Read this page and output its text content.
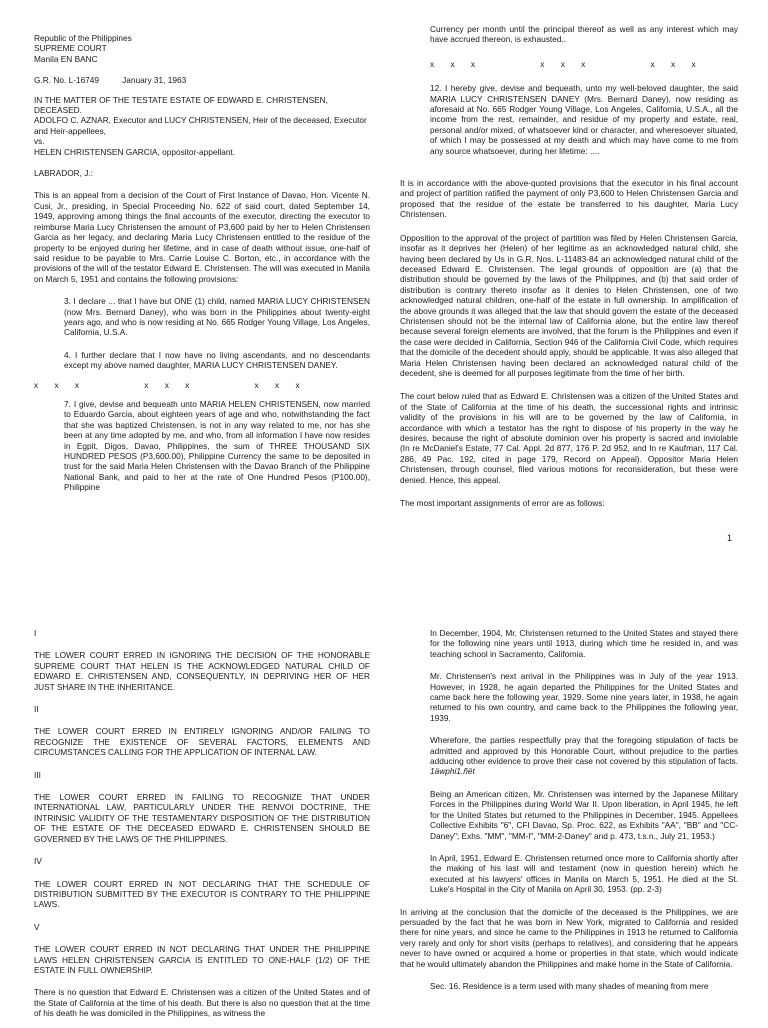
Republic of the Philippines
SUPREME COURT
Manila EN BANC

G.R. No. L-16749          January 31, 1963

IN THE MATTER OF THE TESTATE ESTATE OF EDWARD E. CHRISTENSEN, DECEASED.
ADOLFO C. AZNAR, Executor and LUCY CHRISTENSEN, Heir of the deceased, Executor and Heir-appellees,
vs.
HELEN CHRISTENSEN GARCIA, oppositor-appellant.

LABRADOR, J.:

This is an appeal from a decision of the Court of First Instance of Davao, Hon. Vicente N. Cusi, Jr., presiding, in Special Proceeding No. 622 of said court, dated September 14, 1949, approving among things the final accounts of the executor, directing the executor to reimburse Maria Lucy Christensen the amount of P3,600 paid by her to Helen Christensen Garcia as her legacy, and declaring Maria Lucy Christensen entitled to the residue of the property to be enjoyed during her lifetime, and in case of death without issue, one-half of said residue to be payable to Mrs. Carrie Louise C. Borton, etc., in accordance with the provisions of the will of the testator Edward E. Christensen. The will was executed in Manila on March 5, 1951 and contains the following provisions:

3. I declare ... that I have but ONE (1) child, named MARIA LUCY CHRISTENSEN (now Mrs. Bernard Daney), who was born in the Philippines about twenty-eight years ago, and who is now residing at No. 665 Rodger Young Village, Los Angeles, California, U.S.A.

4. I further declare that I now have no living ascendants, and no descendants except my above named daughter, MARIA LUCY CHRISTENSEN DANEY.

x x x    x x x    x x x

7. I give, devise and bequeath unto MARIA HELEN CHRISTENSEN, now married to Eduardo Garcia, about eighteen years of age and who, notwithstanding the fact that she was baptized Christensen, is not in any way related to me, nor has she been at any time adopted by me, and who, from all information I have now resides in Egpit, Digos, Davao, Philippines, the sum of THREE THOUSAND SIX HUNDRED PESOS (P3,600.00), Philippine Currency the same to be deposited in trust for the said Maria Helen Christensen with the Davao Branch of the Philippine National Bank, and paid to her at the rate of One Hundred Pesos (P100.00), Philippine

Currency per month until the principal thereof as well as any interest which may have accrued thereon, is exhausted..

x x x    x x x    x x x

12. I hereby give, devise and bequeath, unto my well-beloved daughter, the said MARIA LUCY CHRISTENSEN DANEY (Mrs. Bernard Daney), now residing as aforesaid at No. 665 Rodger Young Village, Los Angeles, California, U.S.A., all the income from the rest, remainder, and residue of my property and estate, real, personal and/or mixed, of whatsoever kind or character, and wheresoever situated, of which I may be possessed at my death and which may have come to me from any source whatsoever, during her lifetime: ....

It is in accordance with the above-quoted provisions that the executor in his final account and project of partition ratified the payment of only P3,600 to Helen Christensen Garcia and proposed that the residue of the estate be transferred to his daughter, Maria Lucy Christensen.

Opposition to the approval of the project of partition was filed by Helen Christensen Garcia, insofar as it deprives her (Helen) of her legitime as an acknowledged natural child, she having been declared by Us in G.R. Nos. L-11483-84 an acknowledged natural child of the deceased Edward E. Christensen. The legal grounds of opposition are (a) that the distribution should be governed by the laws of the Philippines, and (b) that said order of distribution is contrary thereto insofar as it denies to Helen Christensen, one of two acknowledged natural children, one-half of the estate in full ownership. In amplification of the above grounds it was alleged that the law that should govern the estate of the deceased Christensen should not be the internal law of California alone, but the entire law thereof because several foreign elements are involved, that the forum is the Philippines and even if the case were decided in California, Section 946 of the California Civil Code, which requires that the domicile of the decedent should apply, should be applicable. It was also alleged that Maria Helen Christensen having been declared an acknowledged natural child of the decedent, she is deemed for all purposes legitimate from the time of her birth.

The court below ruled that as Edward E. Christensen was a citizen of the United States and of the State of California at the time of his death, the successional rights and intrinsic validity of the provisions in his will are to be governed by the law of California, in accordance with which a testator has the right to dispose of his property in the way he desires, because the right of absolute dominion over his property is sacred and inviolable (In re McDaniel's Estate, 77 Cal. Appl. 2d 877, 176 P. 2d 952, and In re Kaufman, 117 Cal. 286, 49 Pac. 192, cited in page 179, Record on Appeal). Oppositor Maria Helen Christensen, through counsel, filed various motions for reconsideration, but these were denied. Hence, this appeal.

The most important assignments of error are as follows:

1

I

THE LOWER COURT ERRED IN IGNORING THE DECISION OF THE HONORABLE SUPREME COURT THAT HELEN IS THE ACKNOWLEDGED NATURAL CHILD OF EDWARD E. CHRISTENSEN AND, CONSEQUENTLY, IN DEPRIVING HER OF HER JUST SHARE IN THE INHERITANCE.

II

THE LOWER COURT ERRED IN ENTIRELY IGNORING AND/OR FAILING TO RECOGNIZE THE EXISTENCE OF SEVERAL FACTORS, ELEMENTS AND CIRCUMSTANCES CALLING FOR THE APPLICATION OF INTERNAL LAW.

III

THE LOWER COURT ERRED IN FAILING TO RECOGNIZE THAT UNDER INTERNATIONAL LAW, PARTICULARLY UNDER THE RENVOI DOCTRINE, THE INTRINSIC VALIDITY OF THE TESTAMENTARY DISPOSITION OF THE DISTRIBUTION OF THE ESTATE OF THE DECEASED EDWARD E. CHRISTENSEN SHOULD BE GOVERNED BY THE LAWS OF THE PHILIPPINES.

IV

THE LOWER COURT ERRED IN NOT DECLARING THAT THE SCHEDULE OF DISTRIBUTION SUBMITTED BY THE EXECUTOR IS CONTRARY TO THE PHILIPPINE LAWS.

V

THE LOWER COURT ERRED IN NOT DECLARING THAT UNDER THE PHILIPPINE LAWS HELEN CHRISTENSEN GARCIA IS ENTITLED TO ONE-HALF (1/2) OF THE ESTATE IN FULL OWNERSHIP.

There is no question that Edward E. Christensen was a citizen of the United States and of the State of California at the time of his death. But there is also no question that at the time of his death he was domiciled in the Philippines, as witness the

In December, 1904, Mr. Christensen returned to the United States and stayed there for the following nine years until 1913, during which time he resided in, and was teaching school in Sacramento, California.

Mr. Christensen's next arrival in the Philippines was in July of the year 1913. However, in 1928, he again departed the Philippines for the United States and came back here the following year, 1929. Some nine years later, in 1938, he again returned to his own country, and came back to the Philippines the following year, 1939.

Wherefore, the parties respectfully pray that the foregoing stipulation of facts be admitted and approved by this Honorable Court, without prejudice to the parties adducing other evidence to prove their case not covered by this stipulation of facts. 1äwphi1.ñët

Being an American citizen, Mr. Christensen was interned by the Japanese Military Forces in the Philippines during World War II. Upon liberation, in April 1945, he left for the United States but returned to the Philippines in December, 1945. Appellees Collective Exhibits "6", CFI Davao, Sp. Proc. 622, as Exhibits "AA", "BB" and "CC-Daney"; Exhs. "MM", "MM-l", "MM-2-Daney" and p. 473, t.s.n., July 21, 1953.)

In April, 1951, Edward E. Christensen returned once more to California shortly after the making of his last will and testament (now in question herein) which he executed at his lawyers' offices in Manila on March 5, 1951. He died at the St. Luke's Hospital in the City of Manila on April 30, 1953. (pp. 2-3)

In arriving at the conclusion that the domicile of the deceased is the Philippines, we are persuaded by the fact that he was born in New York, migrated to California and resided there for nine years, and since he came to the Philippines in 1913 he returned to California very rarely and only for short visits (perhaps to relatives), and considering that he appears never to have owned or acquired a home or properties in that state, which would indicate that he would ultimately abandon the Philippines and make home in the State of California.

Sec. 16. Residence is a term used with many shades of meaning from mere
